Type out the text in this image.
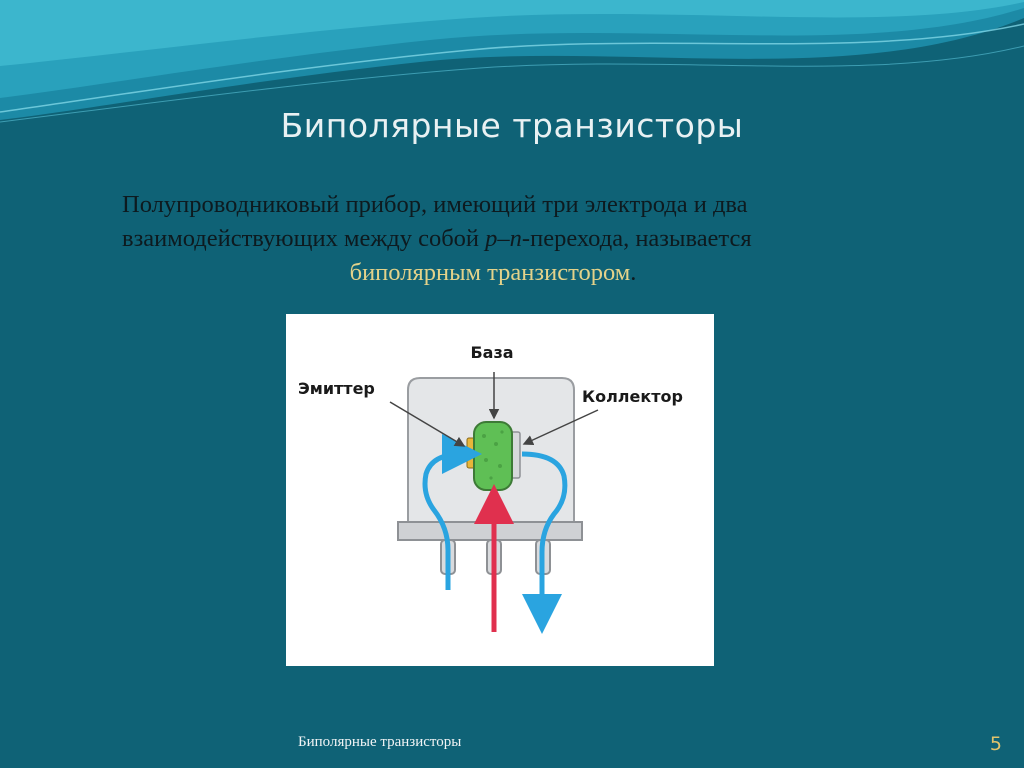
Биполярные транзисторы
Полупроводниковый прибор, имеющий три электрода и два
взаимодействующих между собой p–n-перехода, называется
биполярным транзистором.
База
Эмиттер	Коллектор
Биполярные транзисторы	5
